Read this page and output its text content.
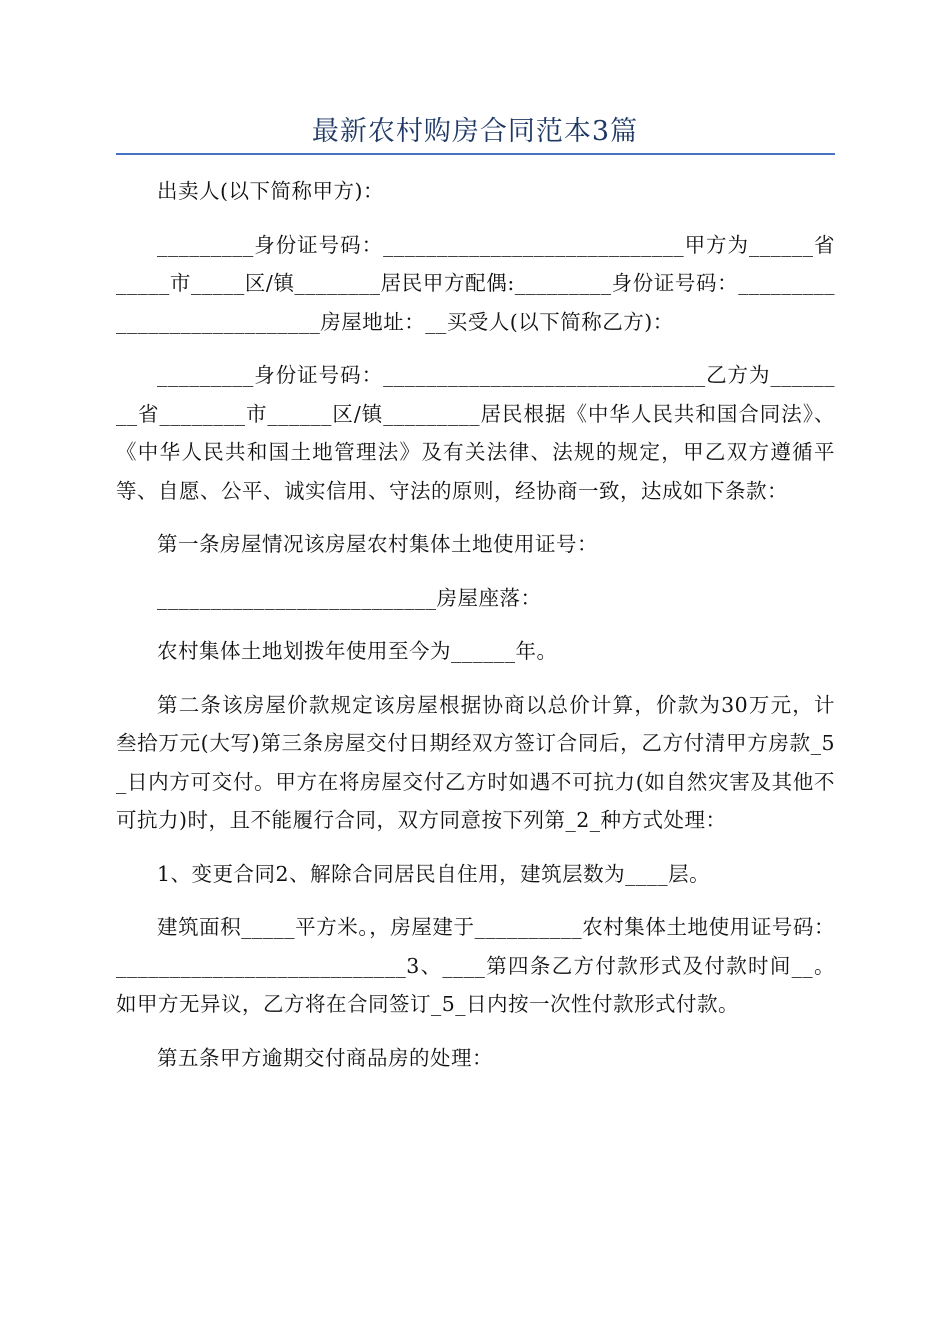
最新农村购房合同范本3篇

出卖人(以下简称甲方)：

_________身份证号码：____________________________甲方为______省_____市_____区/镇________居民甲方配偶:_________身份证号码：____________________________房屋地址：__买受人(以下简称乙方)：

_________身份证号码：______________________________乙方为________省________市______区/镇_________居民根据《中华人民共和国合同法》、《中华人民共和国土地管理法》及有关法律、法规的规定，甲乙双方遵循平等、自愿、公平、诚实信用、守法的原则，经协商一致，达成如下条款：

第一条房屋情况该房屋农村集体土地使用证号：

__________________________房屋座落：

农村集体土地划拨年使用至今为______年。

第二条该房屋价款规定该房屋根据协商以总价计算，价款为30万元，计叁拾万元(大写)第三条房屋交付日期经双方签订合同后，乙方付清甲方房款_5_日内方可交付。甲方在将房屋交付乙方时如遇不可抗力(如自然灾害及其他不可抗力)时，且不能履行合同，双方同意按下列第_2_种方式处理：

1、变更合同2、解除合同居民自住用，建筑层数为____层。

建筑面积_____平方米。，房屋建于__________农村集体土地使用证号码：___________________________3、____第四条乙方付款形式及付款时间__。如甲方无异议，乙方将在合同签订_5_日内按一次性付款形式付款。

第五条甲方逾期交付商品房的处理：
